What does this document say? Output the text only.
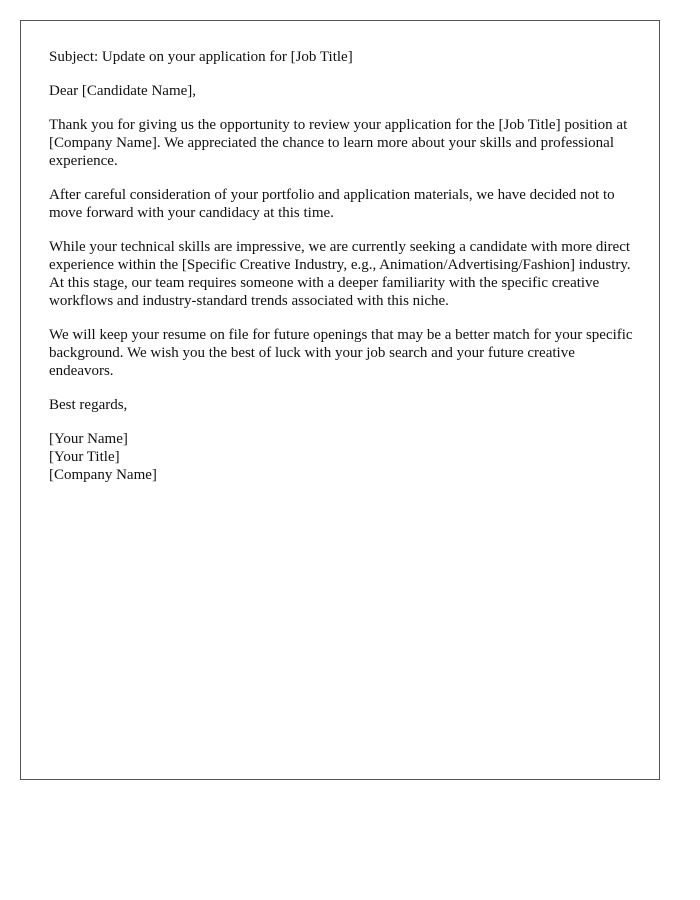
Subject: Update on your application for [Job Title]

Dear [Candidate Name],

Thank you for giving us the opportunity to review your application for the [Job Title] position at [Company Name]. We appreciated the chance to learn more about your skills and professional experience.

After careful consideration of your portfolio and application materials, we have decided not to move forward with your candidacy at this time.

While your technical skills are impressive, we are currently seeking a candidate with more direct experience within the [Specific Creative Industry, e.g., Animation/Advertising/Fashion] industry. At this stage, our team requires someone with a deeper familiarity with the specific creative workflows and industry-standard trends associated with this niche.

We will keep your resume on file for future openings that may be a better match for your specific background. We wish you the best of luck with your job search and your future creative endeavors.

Best regards,

[Your Name]
[Your Title]
[Company Name]
